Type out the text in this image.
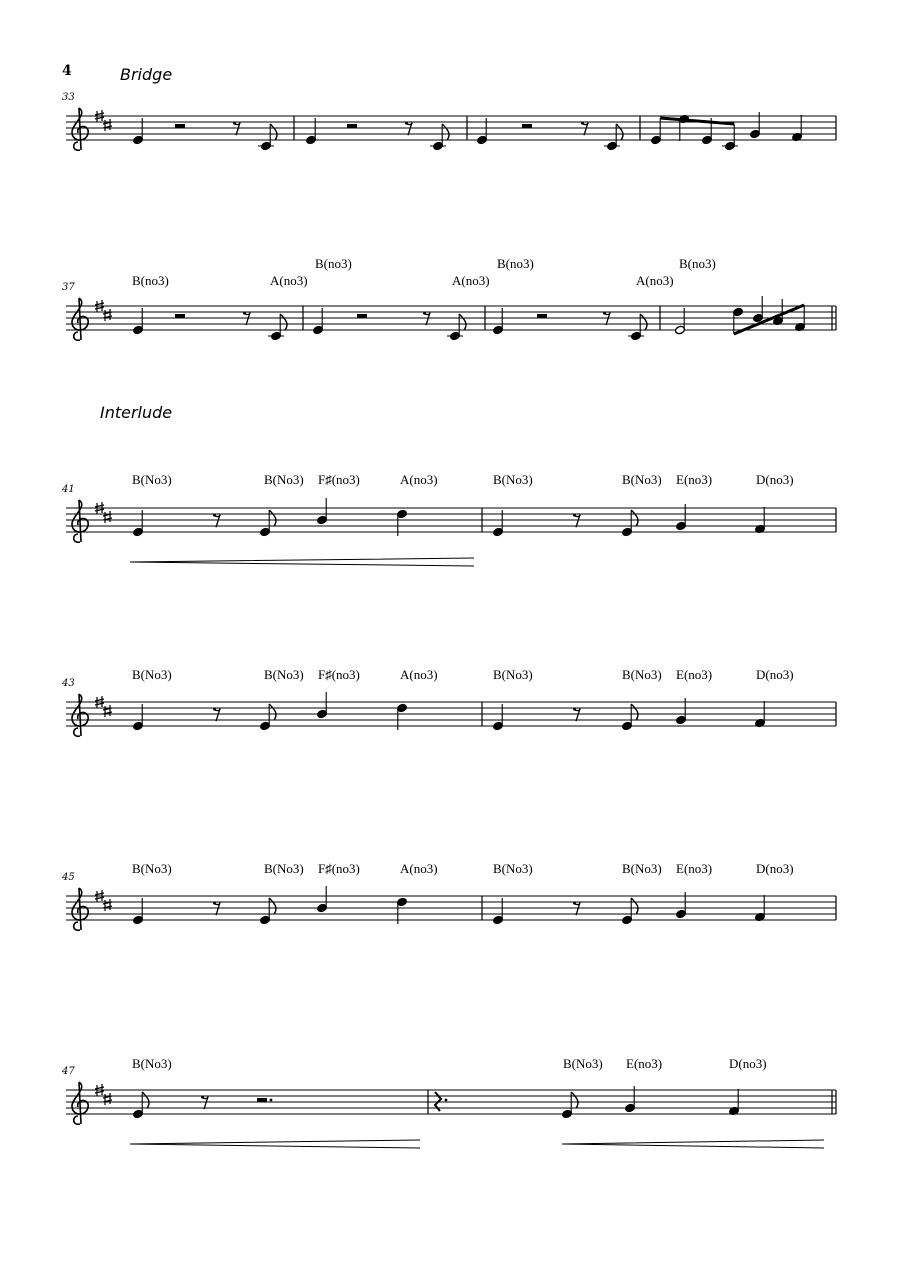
4	Bridge
Interlude
33
37	B(no3)	A(no3)
B(no3)
A(no3)
B(no3)
A(no3)
B(no3)
41
B(No3)	B(No3) F♯(no3)	A(no3)	B(No3)	B(No3) E(no3)	D(no3)
43
B(No3)	B(No3) F♯(no3)	A(no3)	B(No3)	B(No3) E(no3)	D(no3)
45
B(No3)	B(No3) F♯(no3)	A(no3)	B(No3)	B(No3) E(no3)	D(no3)
47
B(No3)	B(No3) E(no3)	D(no3)
